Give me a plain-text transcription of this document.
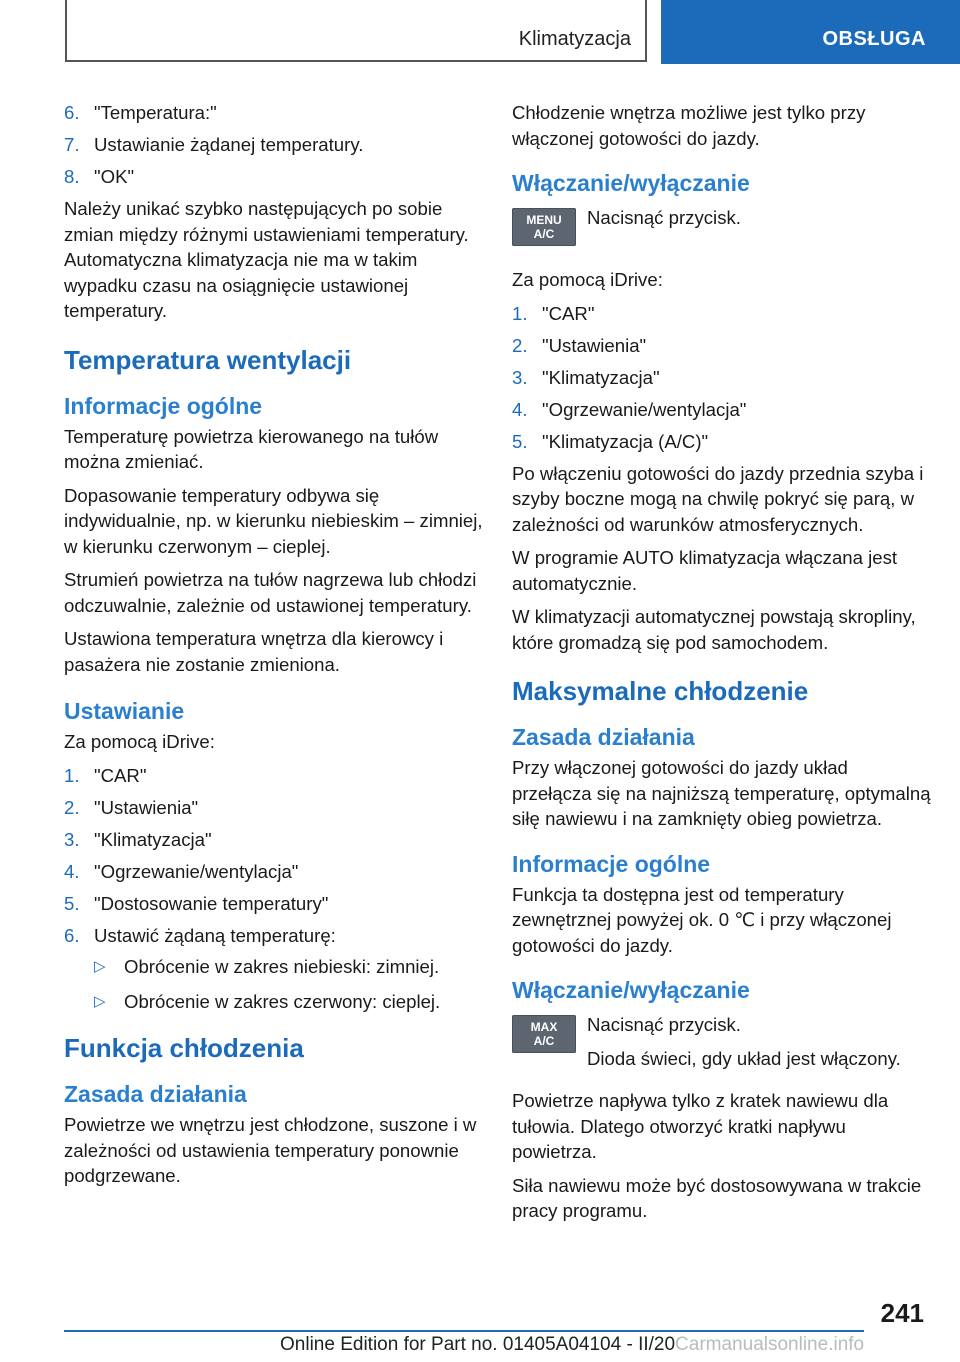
Klimatyzacja	OBSŁUGA
6. "Temperatura:"
7. Ustawianie żądanej temperatury.
8. "OK"

Należy unikać szybko następujących po sobie zmian między różnymi ustawieniami temperatury. Automatyczna klimatyzacja nie ma w takim wypadku czasu na osiągnięcie ustawionej temperatury.

Temperatura wentylacji
Informacje ogólne

Temperaturę powietrza kierowanego na tułów można zmieniać.

Dopasowanie temperatury odbywa się indywidualnie, np. w kierunku niebieskim – zimniej, w kierunku czerwonym – cieplej.

Strumień powietrza na tułów nagrzewa lub chłodzi odczuwalnie, zależnie od ustawionej temperatury.

Ustawiona temperatura wnętrza dla kierowcy i pasażera nie zostanie zmieniona.

Ustawianie

Za pomocą iDrive:

1. "CAR"
2. "Ustawienia"
3. "Klimatyzacja"
4. "Ogrzewanie/wentylacja"
5. "Dostosowanie temperatury"
6. Ustawić żądaną temperaturę:
▷ Obrócenie w zakres niebieski: zimniej.
▷ Obrócenie w zakres czerwony: cieplej.
Funkcja chłodzenia
Zasada działania

Powietrze we wnętrzu jest chłodzone, suszone i w zależności od ustawienia temperatury ponownie podgrzewane.

Chłodzenie wnętrza możliwe jest tylko przy włączonej gotowości do jazdy.

Włączanie/wyłączanie
MENU
A/C
Nacisnąć przycisk.

Za pomocą iDrive:

1. "CAR"
2. "Ustawienia"
3. "Klimatyzacja"
4. "Ogrzewanie/wentylacja"
5. "Klimatyzacja (A/C)"

Po włączeniu gotowości do jazdy przednia szyba i szyby boczne mogą na chwilę pokryć się parą, w zależności od warunków atmosferycznych.

W programie AUTO klimatyzacja włączana jest automatycznie.

W klimatyzacji automatycznej powstają skropliny, które gromadzą się pod samochodem.

Maksymalne chłodzenie
Zasada działania

Przy włączonej gotowości do jazdy układ przełącza się na najniższą temperaturę, optymalną siłę nawiewu i na zamknięty obieg powietrza.

Informacje ogólne

Funkcja ta dostępna jest od temperatury zewnętrznej powyżej ok. 0 ℃ i przy włączonej gotowości do jazdy.

Włączanie/wyłączanie
MAX
A/C
Nacisnąć przycisk.
Dioda świeci, gdy układ jest włączony.

Powietrze napływa tylko z kratek nawiewu dla tułowia. Dlatego otworzyć kratki napływu powietrza.

Siła nawiewu może być dostosowywana w trakcie pracy programu.

241
Online Edition for Part no. 01405A04104 - II/20Carmanualsonline.info
